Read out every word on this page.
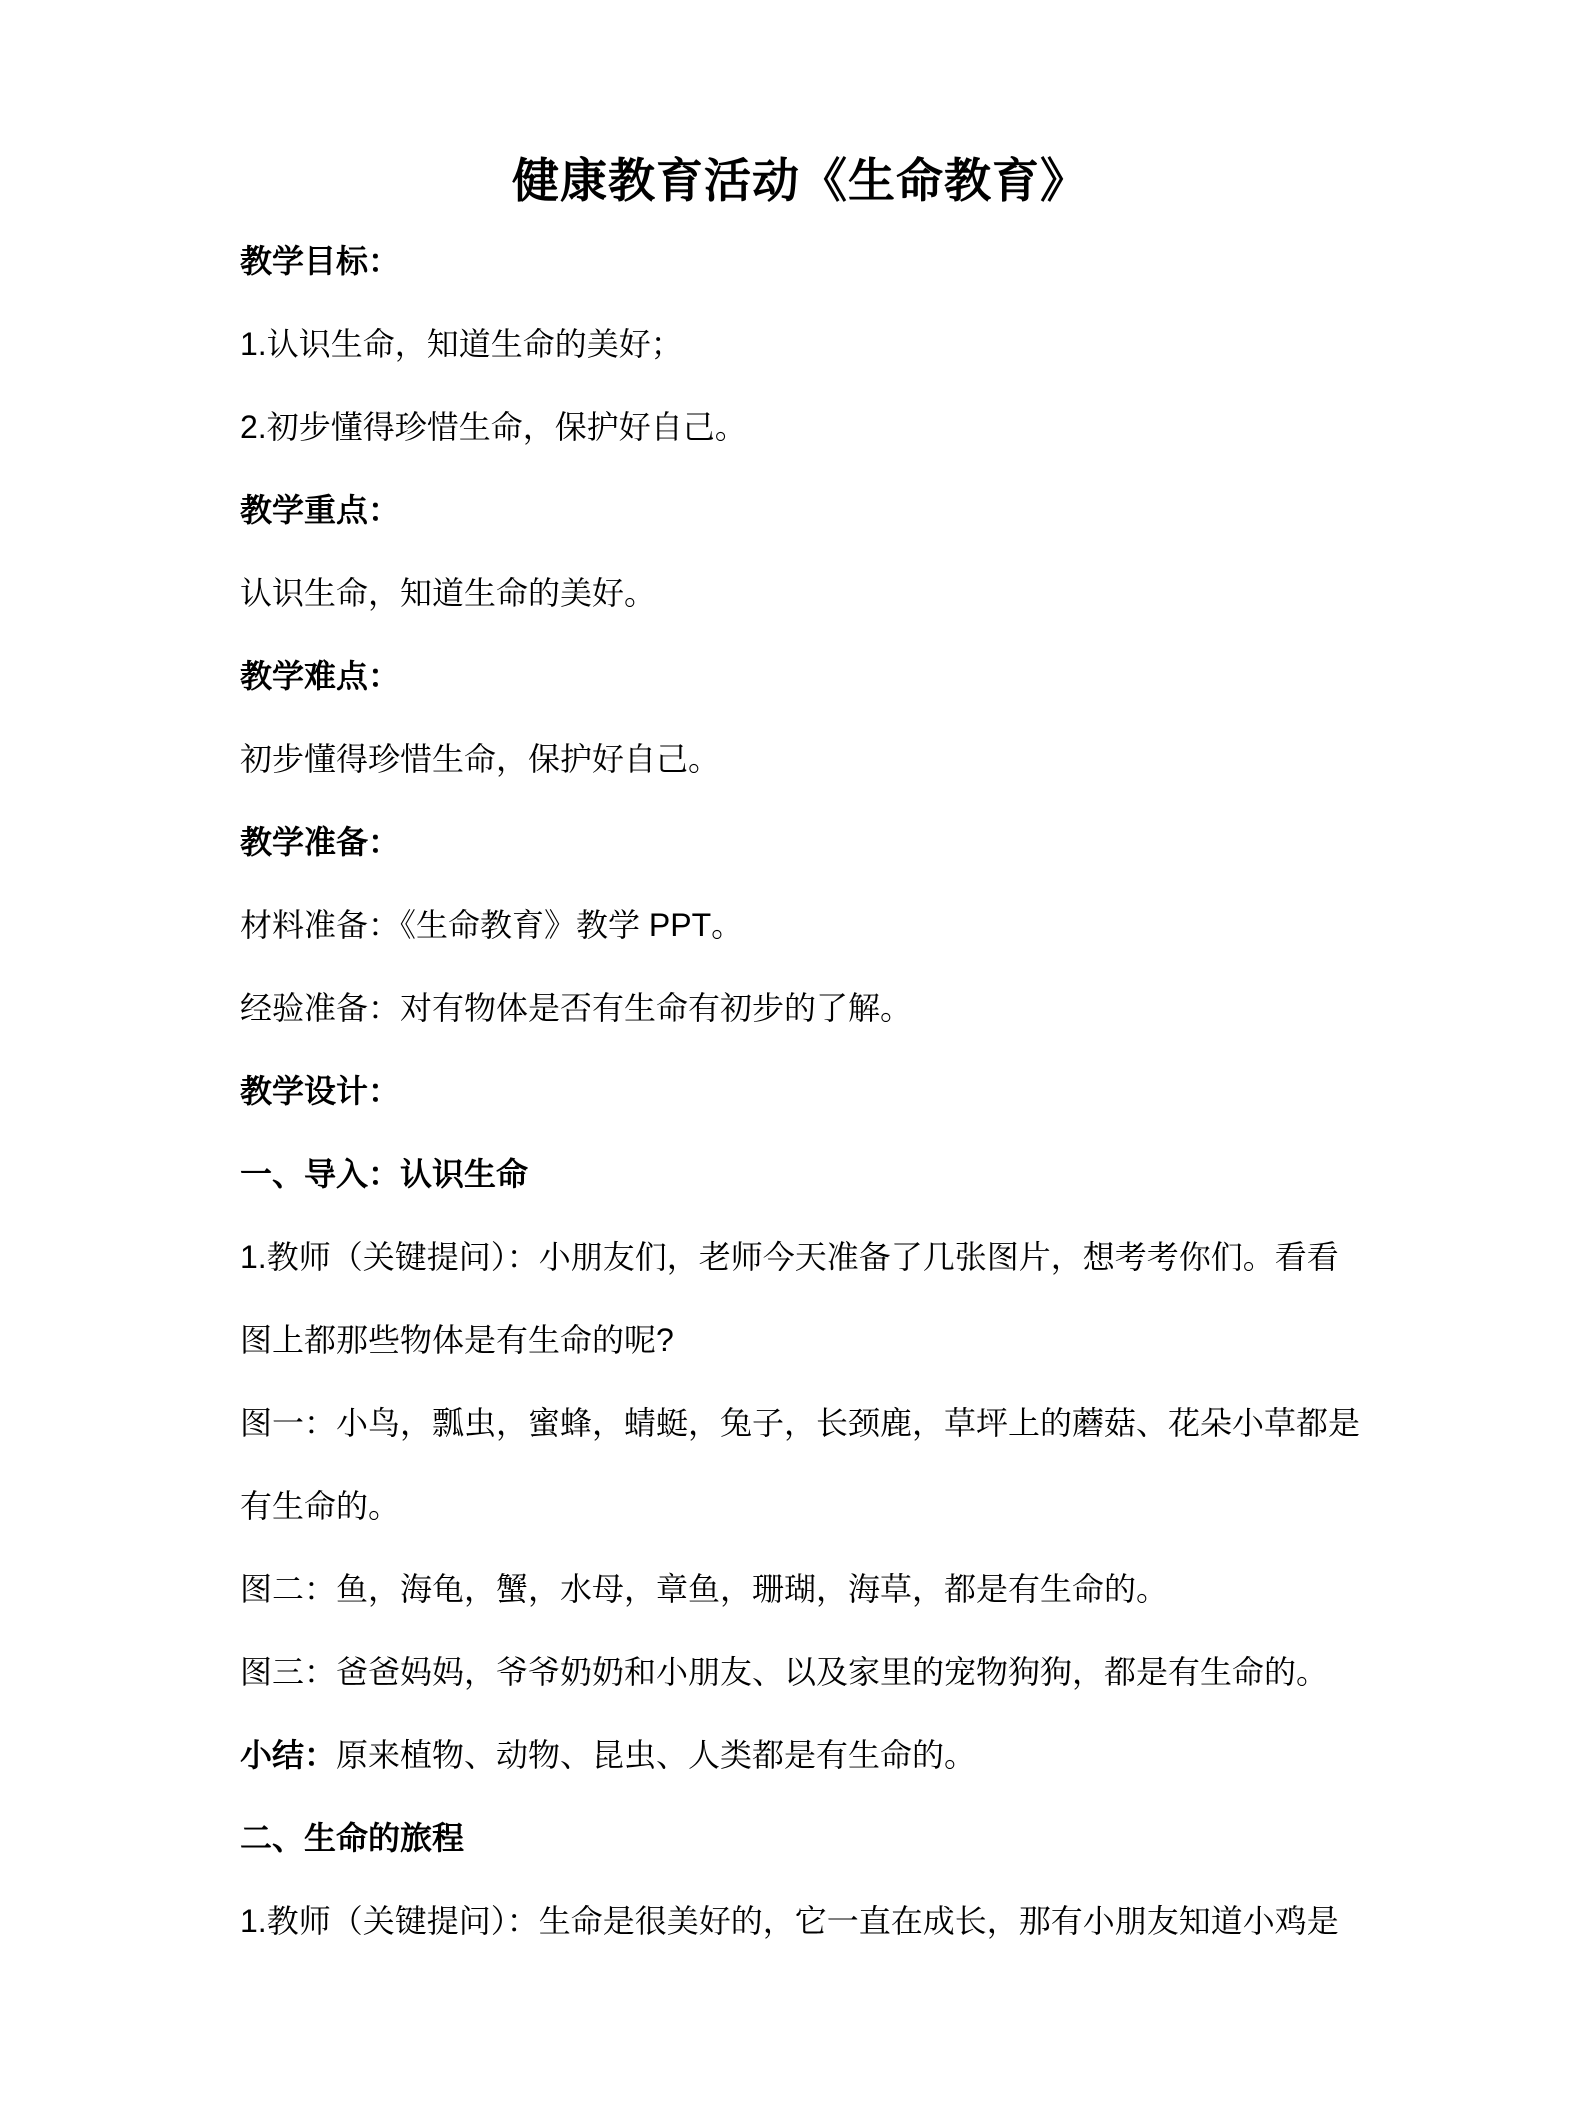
健康教育活动《生命教育》
教学目标：
1.认识生命，知道生命的美好；
2.初步懂得珍惜生命，保护好自己。
教学重点：
认识生命，知道生命的美好。
教学难点：
初步懂得珍惜生命，保护好自己。
教学准备：
材料准备：《生命教育》教学 PPT。
经验准备：对有物体是否有生命有初步的了解。
教学设计：
一、导入：认识生命
1.教师（关键提问）：小朋友们，老师今天准备了几张图片，想考考你们。看看
图上都那些物体是有生命的呢?
图一：小鸟，瓢虫，蜜蜂，蜻蜓，兔子，长颈鹿，草坪上的蘑菇、花朵小草都是
有生命的。
图二：鱼，海龟，蟹，水母，章鱼，珊瑚，海草，都是有生命的。
图三：爸爸妈妈，爷爷奶奶和小朋友、以及家里的宠物狗狗，都是有生命的。
小结：原来植物、动物、昆虫、人类都是有生命的。
二、生命的旅程
1.教师（关键提问）：生命是很美好的，它一直在成长，那有小朋友知道小鸡是
